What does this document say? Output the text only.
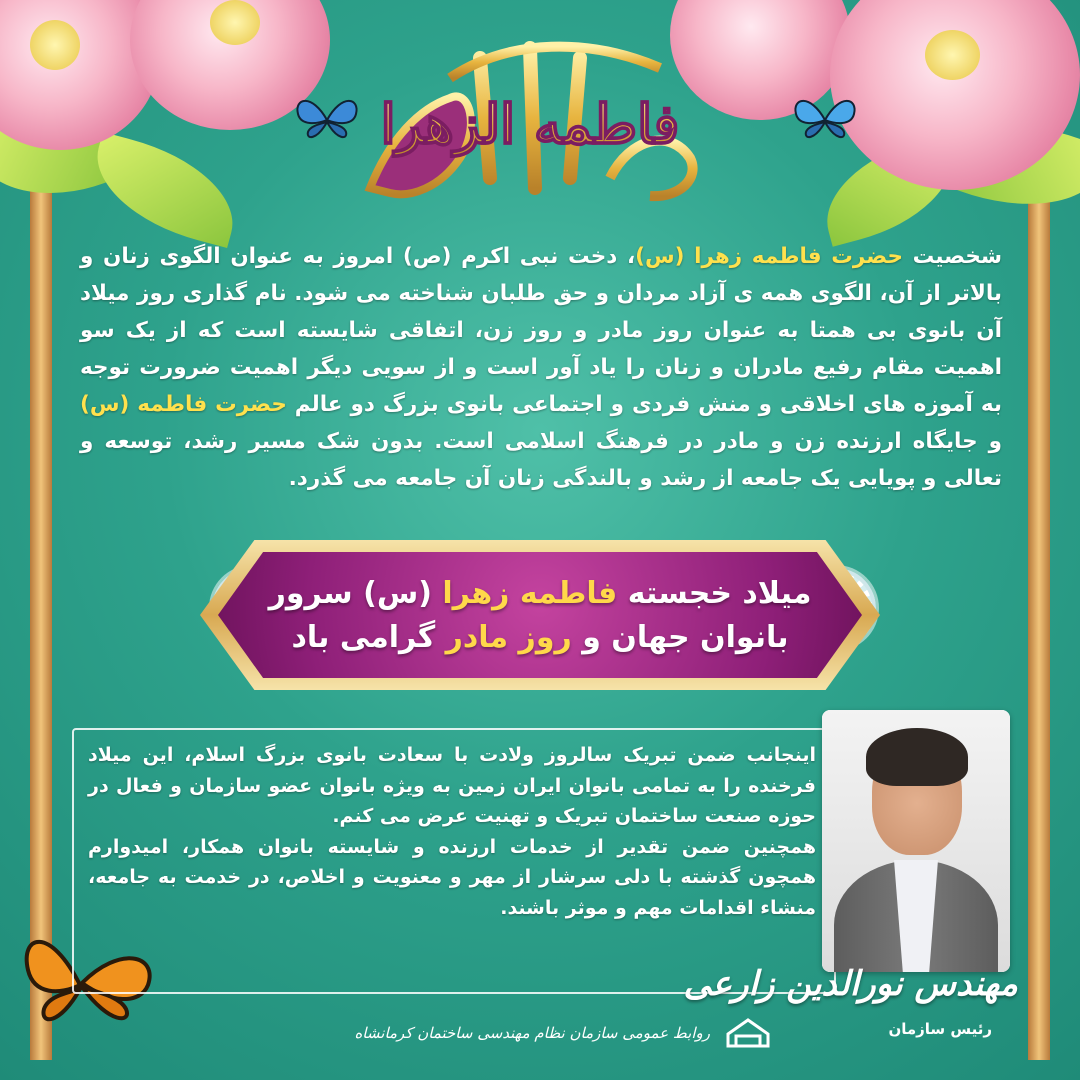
فاطمه الزهرا
شخصیت حضرت فاطمه زهرا (س)، دخت نبی اکرم (ص) امروز به عنوان الگوی زنان و بالاتر از آن، الگوی همه ی آزاد مردان و حق طلبان شناخته می شود. نام گذاری روز میلاد آن بانوی بی همتا به عنوان روز مادر و روز زن، اتفاقی شایسته است که از یک سو اهمیت مقام رفیع مادران و زنان را یاد آور است و از سویی دیگر اهمیت ضرورت توجه به آموزه های اخلاقی و منش فردی و اجتماعی بانوی بزرگ دو عالم حضرت فاطمه (س) و جایگاه ارزنده زن و مادر در فرهنگ اسلامی است. بدون شک مسیر رشد، توسعه و تعالی و پویایی یک جامعه از رشد و بالندگی زنان آن جامعه می گذرد.
میلاد خجسته فاطمه زهرا (س) سرور
بانوان جهان و روز مادر گرامی باد
اینجانب ضمن تبریک سالروز ولادت با سعادت بانوی بزرگ اسلام، این میلاد فرخنده را به تمامی بانوان ایران زمین به ویژه بانوان عضو سازمان و فعال در حوزه صنعت ساختمان تبریک و تهنیت عرض می کنم.
همچنین ضمن تقدیر از خدمات ارزنده و شایسته بانوان همکار، امیدوارم همچون گذشته با دلی سرشار از مهر و معنویت و اخلاص، در خدمت به جامعه، منشاء اقدامات مهم و موثر باشند.
مهندس نورالدین زارعی
رئیس سازمان
روابط عمومی سازمان نظام مهندسی ساختمان کرمانشاه
